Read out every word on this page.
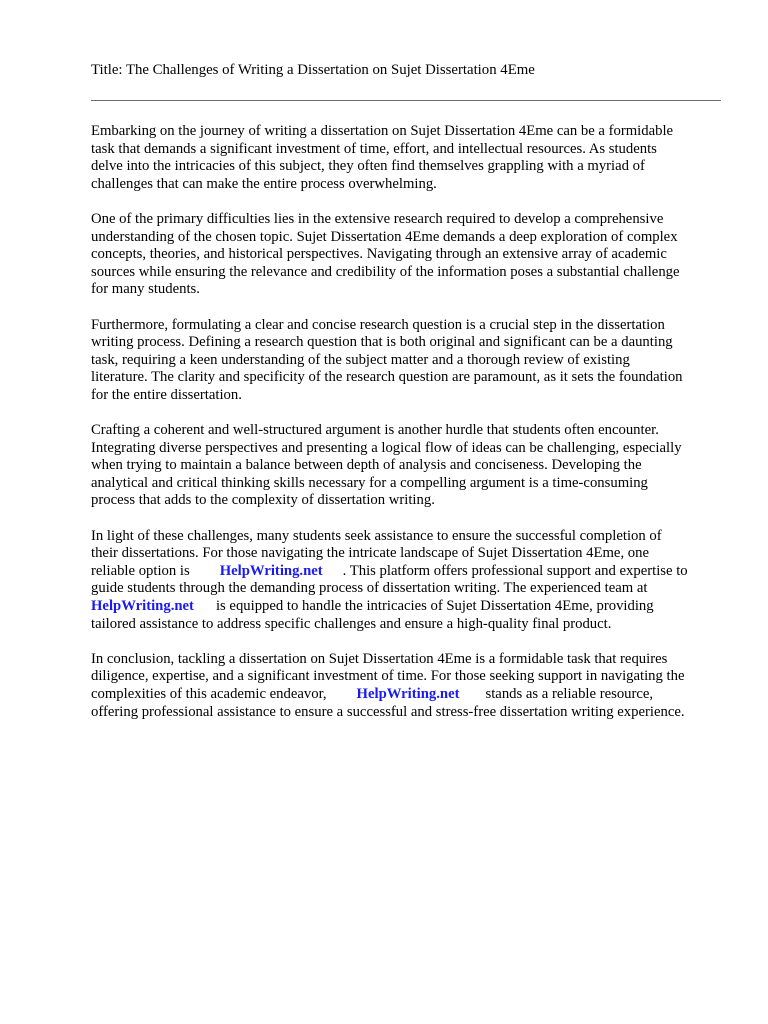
Title: The Challenges of Writing a Dissertation on Sujet Dissertation 4Eme

Embarking on the journey of writing a dissertation on Sujet Dissertation 4Eme can be a formidable
task that demands a significant investment of time, effort, and intellectual resources. As students
delve into the intricacies of this subject, they often find themselves grappling with a myriad of
challenges that can make the entire process overwhelming.

One of the primary difficulties lies in the extensive research required to develop a comprehensive
understanding of the chosen topic. Sujet Dissertation 4Eme demands a deep exploration of complex
concepts, theories, and historical perspectives. Navigating through an extensive array of academic
sources while ensuring the relevance and credibility of the information poses a substantial challenge
for many students.

Furthermore, formulating a clear and concise research question is a crucial step in the dissertation
writing process. Defining a research question that is both original and significant can be a daunting
task, requiring a keen understanding of the subject matter and a thorough review of existing
literature. The clarity and specificity of the research question are paramount, as it sets the foundation
for the entire dissertation.

Crafting a coherent and well-structured argument is another hurdle that students often encounter.
Integrating diverse perspectives and presenting a logical flow of ideas can be challenging, especially
when trying to maintain a balance between depth of analysis and conciseness. Developing the
analytical and critical thinking skills necessary for a compelling argument is a time-consuming
process that adds to the complexity of dissertation writing.

In light of these challenges, many students seek assistance to ensure the successful completion of
their dissertations. For those navigating the intricate landscape of Sujet Dissertation 4Eme, one
reliable option is HelpWriting.net . This platform offers professional support and expertise to
guide students through the demanding process of dissertation writing. The experienced team at
HelpWriting.net is equipped to handle the intricacies of Sujet Dissertation 4Eme, providing
tailored assistance to address specific challenges and ensure a high-quality final product.

In conclusion, tackling a dissertation on Sujet Dissertation 4Eme is a formidable task that requires
diligence, expertise, and a significant investment of time. For those seeking support in navigating the
complexities of this academic endeavor, HelpWriting.net stands as a reliable resource,
offering professional assistance to ensure a successful and stress-free dissertation writing experience.
